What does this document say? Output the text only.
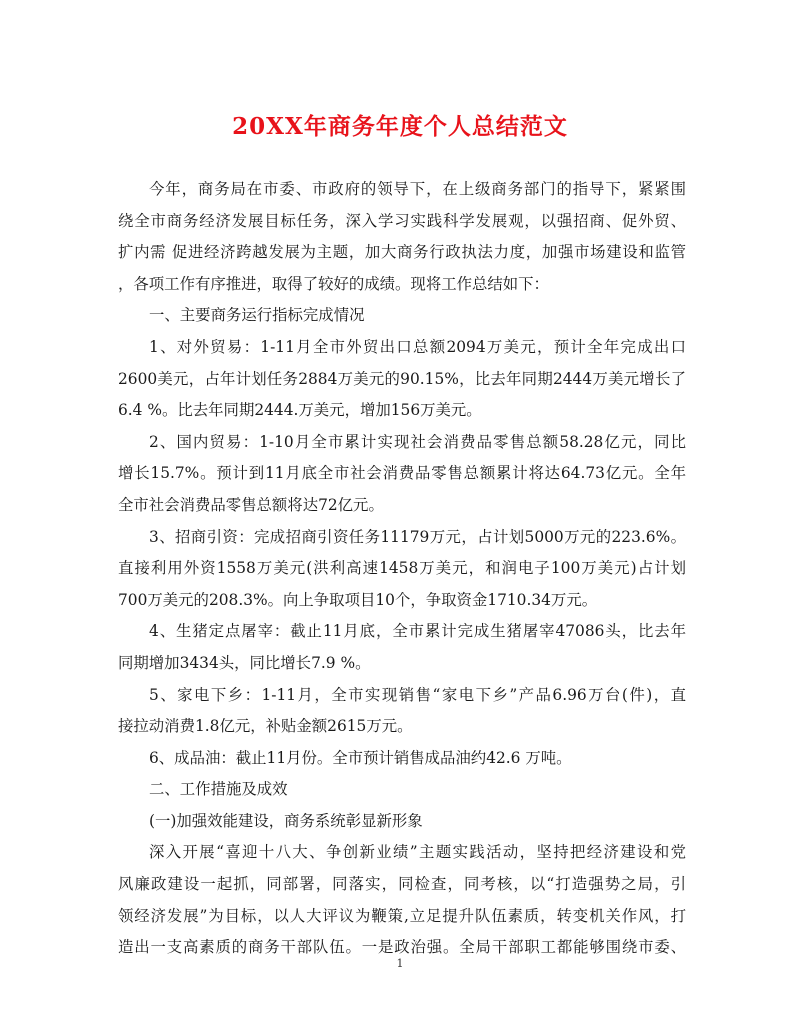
20XX年商务年度个人总结范文
今年，商务局在市委、市政府的领导下，在上级商务部门的指导下，紧紧围
绕全市商务经济发展目标任务，深入学习实践科学发展观，以强招商、促外贸、
扩内需 促进经济跨越发展为主题，加大商务行政执法力度，加强市场建设和监管
，各项工作有序推进，取得了较好的成绩。现将工作总结如下：
一、主要商务运行指标完成情况
1、对外贸易：1-11月全市外贸出口总额2094万美元，预计全年完成出口
2600美元，占年计划任务2884万美元的90.15%，比去年同期2444万美元增长了
6.4 %。比去年同期2444.万美元，增加156万美元。
2、国内贸易：1-10月全市累计实现社会消费品零售总额58.28亿元，同比
增长15.7%。预计到11月底全市社会消费品零售总额累计将达64.73亿元。全年
全市社会消费品零售总额将达72亿元。
3、招商引资：完成招商引资任务11179万元，占计划5000万元的223.6%。
直接利用外资1558万美元(洪利高速1458万美元，和润电子100万美元)占计划
700万美元的208.3%。向上争取项目10个，争取资金1710.34万元。
4、生猪定点屠宰：截止11月底，全市累计完成生猪屠宰47086头，比去年
同期增加3434头，同比增长7.9 %。
5、家电下乡：1-11月，全市实现销售“家电下乡”产品6.96万台(件)，直
接拉动消费1.8亿元，补贴金额2615万元。
6、成品油：截止11月份。全市预计销售成品油约42.6 万吨。
二、工作措施及成效
(一)加强效能建设，商务系统彰显新形象
深入开展“喜迎十八大、争创新业绩”主题实践活动，坚持把经济建设和党
风廉政建设一起抓，同部署，同落实，同检查，同考核，以“打造强势之局，引
领经济发展”为目标，以人大评议为鞭策,立足提升队伍素质，转变机关作风，打
造出一支高素质的商务干部队伍。一是政治强。全局干部职工都能够围绕市委、
1
